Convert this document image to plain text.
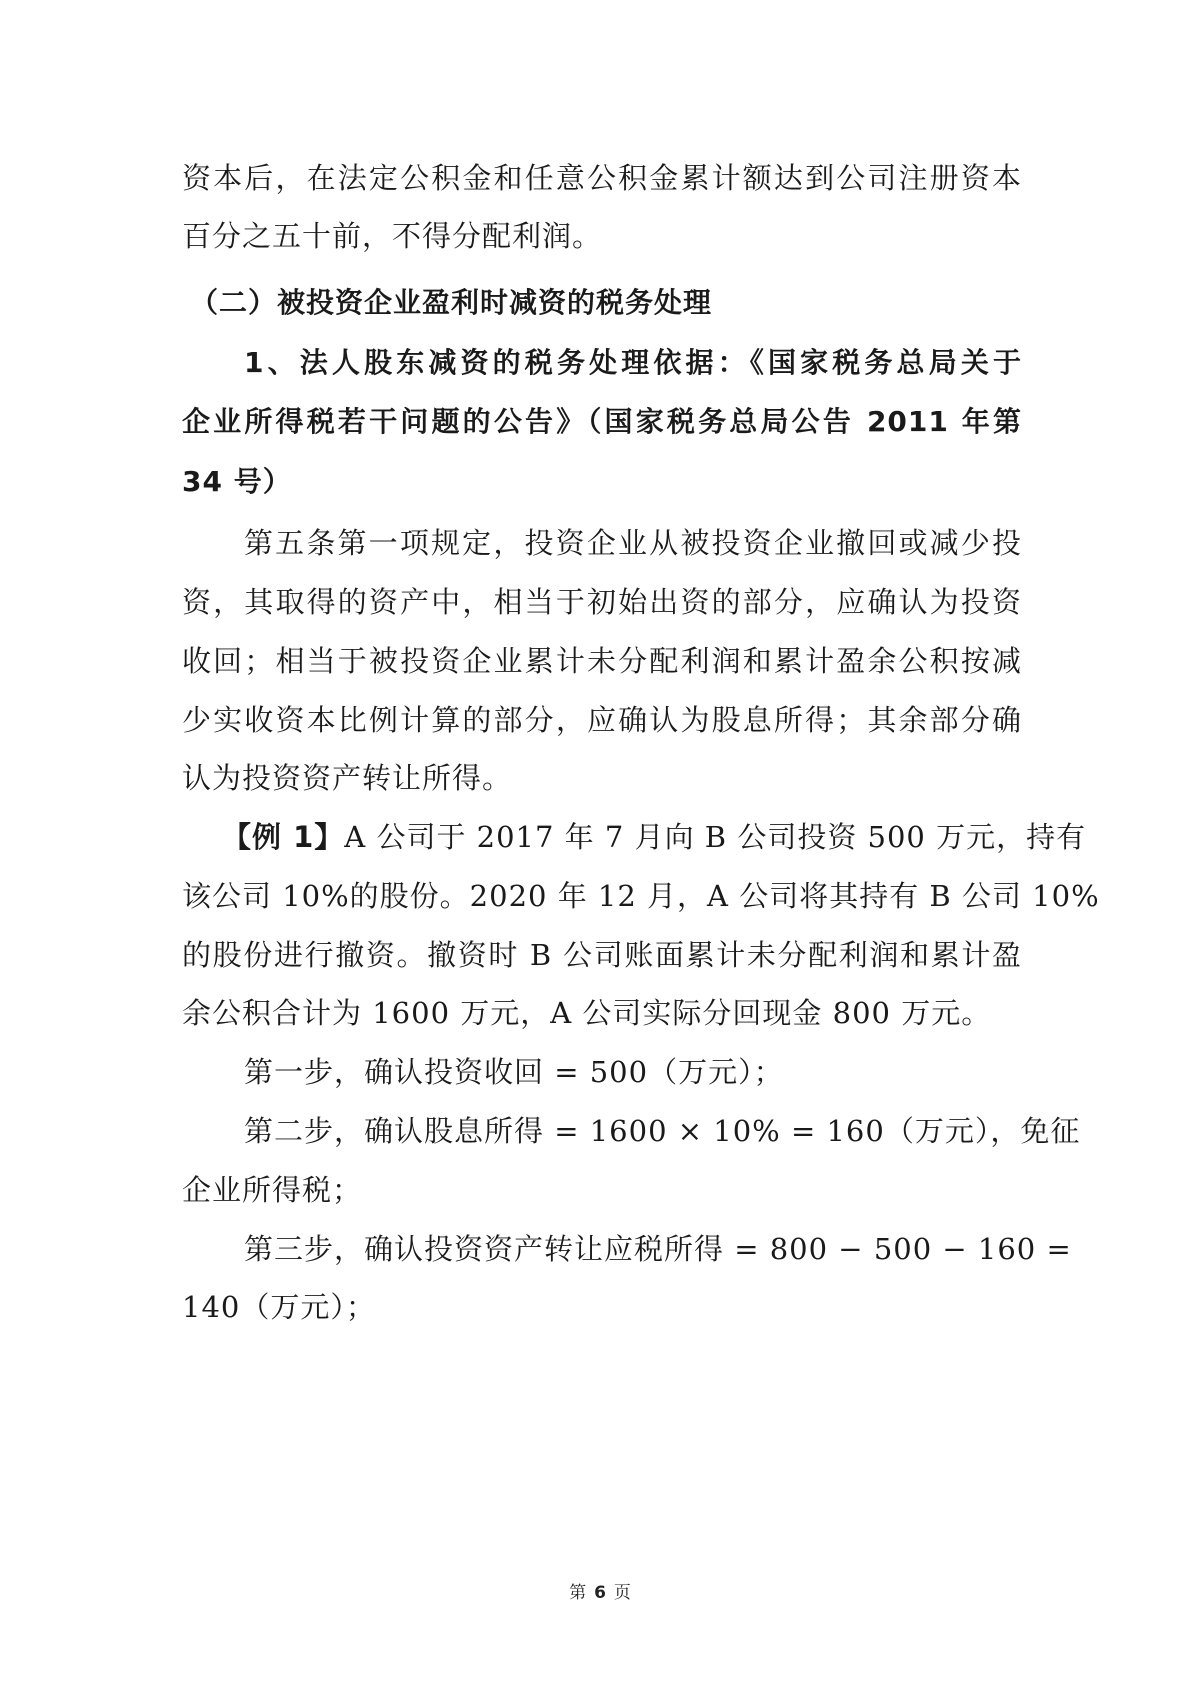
资本后，在法定公积金和任意公积金累计额达到公司注册资本
百分之五十前，不得分配利润。
（二）被投资企业盈利时减资的税务处理
1、法人股东减资的税务处理依据：《国家税务总局关于
企业所得税若干问题的公告》（国家税务总局公告 2011 年第
34 号）
第五条第一项规定，投资企业从被投资企业撤回或减少投
资，其取得的资产中，相当于初始出资的部分，应确认为投资
收回；相当于被投资企业累计未分配利润和累计盈余公积按减
少实收资本比例计算的部分，应确认为股息所得；其余部分确
认为投资资产转让所得。
【例 1】A 公司于 2017 年 7 月向 B 公司投资 500 万元，持有
该公司 10%的股份。2020 年 12 月，A 公司将其持有 B 公司 10%
的股份进行撤资。撤资时 B 公司账面累计未分配利润和累计盈
余公积合计为 1600 万元，A 公司实际分回现金 800 万元。
第一步，确认投资收回 = 500（万元）；
第二步，确认股息所得 = 1600 × 10% = 160（万元），免征
企业所得税；
第三步，确认投资资产转让应税所得 = 800 − 500 − 160 =
140（万元）；
第 6 页
